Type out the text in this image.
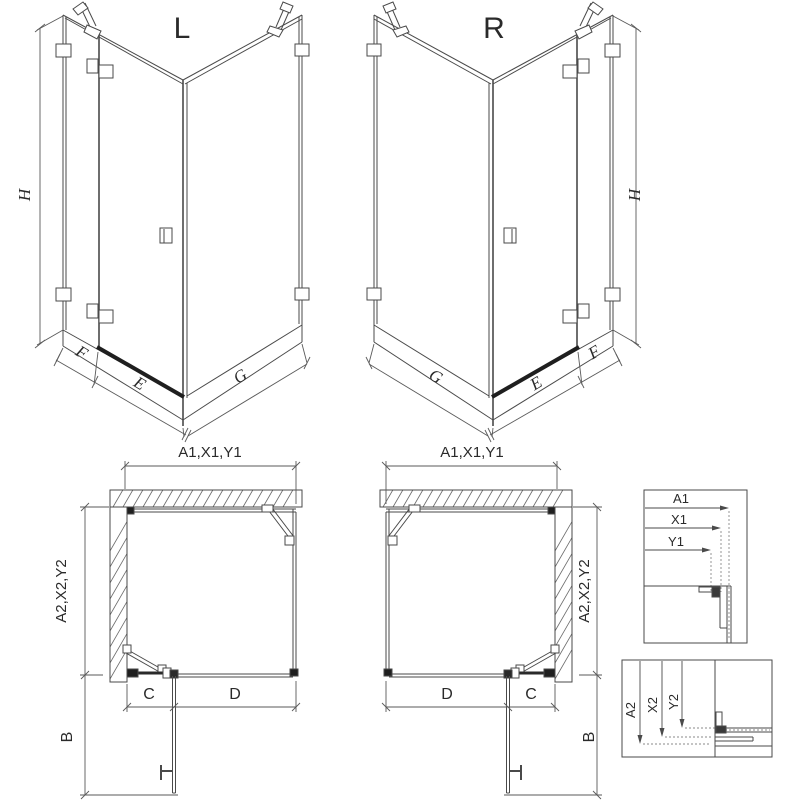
L	R
H
F
E	G
H
F
E
G
A1,X1,Y1
A2,X2,Y2
B
C	D
A1,X1,Y1
A2,X2,Y2
B
D	C
A1
X1
Y1
A2 X2 Y2
